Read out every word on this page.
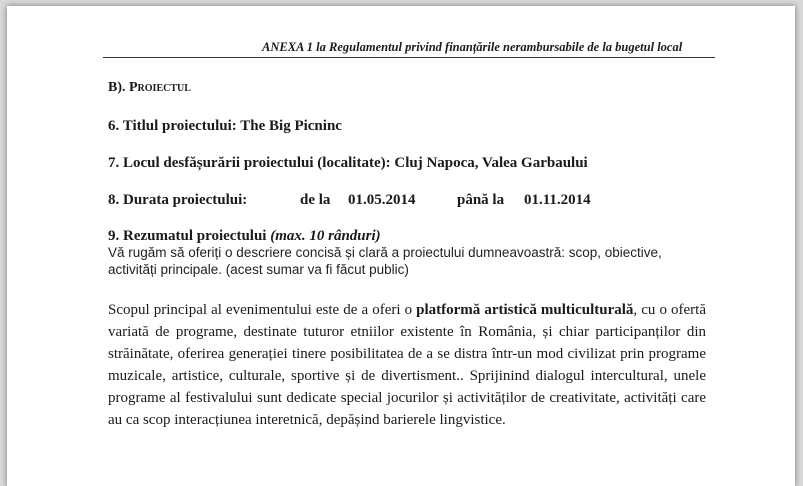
ANEXA 1 la Regulamentul privind finanțările nerambursabile de la bugetul local
B). Proiectul
6. Titlul proiectului: The Big Picninc
7. Locul desfășurării proiectului (localitate): Cluj Napoca, Valea Garbaului
8. Durata proiectului:	de la 01.05.2014	până la 01.11.2014
9. Rezumatul proiectului (max. 10 rânduri)
Vă rugăm să oferiți o descriere concisă și clară a proiectului dumneavoastră: scop, obiective, activități principale. (acest sumar va fi făcut public)
Scopul principal al evenimentului este de a oferi o platformă artistică multiculturală, cu o ofertă variată de programe, destinate tuturor etniilor existente în România, și chiar participanților din străinătate, oferirea generației tinere posibilitatea de a se distra într-un mod civilizat prin programe muzicale, artistice, culturale, sportive și de divertisment.. Sprijinind dialogul intercultural, unele programe al festivalului sunt dedicate special jocurilor și activităților de creativitate, activități care au ca scop interacțiunea interetnică, depășind barierele lingvistice.
